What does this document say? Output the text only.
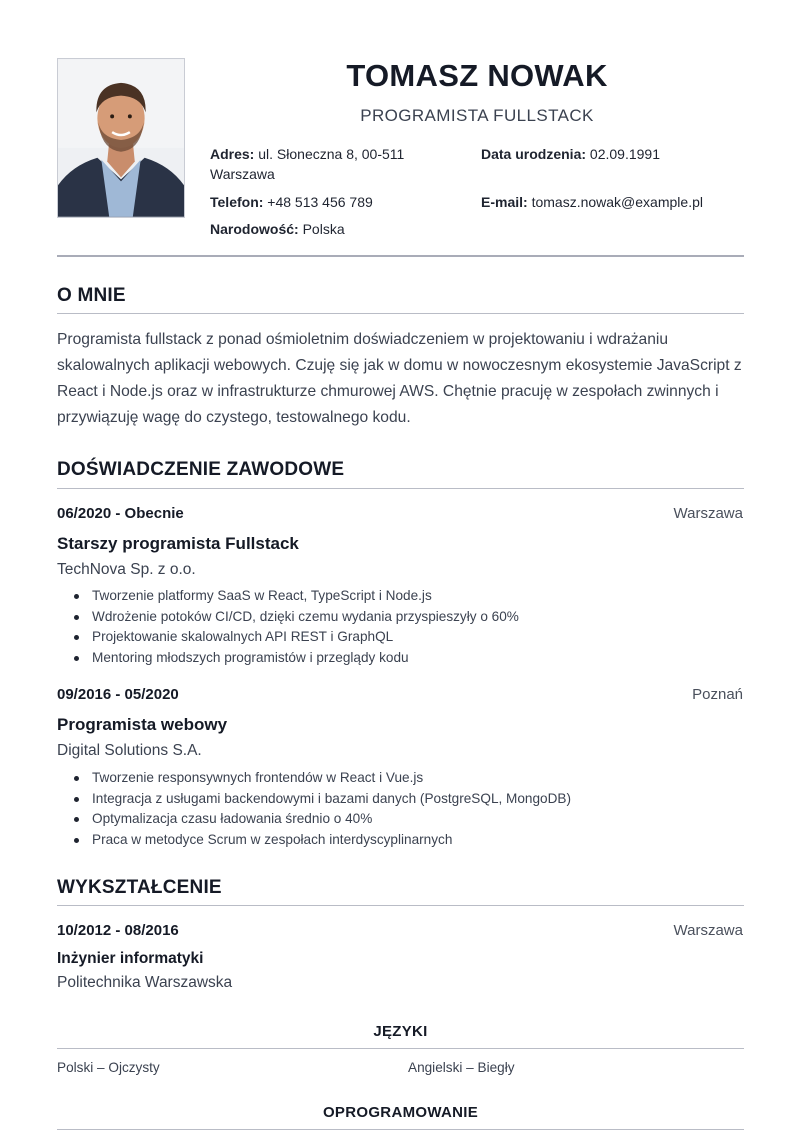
TOMASZ NOWAK
PROGRAMISTA FULLSTACK
Adres: ul. Słoneczna 8, 00-511 Warszawa
Data urodzenia: 02.09.1991
Telefon: +48 513 456 789	E-mail: tomasz.nowak@example.pl
Narodowość: Polska
O MNIE
Programista fullstack z ponad ośmioletnim doświadczeniem w projektowaniu i wdrażaniu skalowalnych aplikacji webowych. Czuję się jak w domu w nowoczesnym ekosystemie JavaScript z React i Node.js oraz w infrastrukturze chmurowej AWS. Chętnie pracuję w zespołach zwinnych i przywiązuję wagę do czystego, testowalnego kodu.
DOŚWIADCZENIE ZAWODOWE
06/2020 - Obecnie	Warszawa
Starszy programista Fullstack
TechNova Sp. z o.o.
Tworzenie platformy SaaS w React, TypeScript i Node.js
Wdrożenie potoków CI/CD, dzięki czemu wydania przyspieszyły o 60%
Projektowanie skalowalnych API REST i GraphQL
Mentoring młodszych programistów i przeglądy kodu
09/2016 - 05/2020	Poznań
Programista webowy
Digital Solutions S.A.
Tworzenie responsywnych frontendów w React i Vue.js
Integracja z usługami backendowymi i bazami danych (PostgreSQL, MongoDB)
Optymalizacja czasu ładowania średnio o 40%
Praca w metodyce Scrum w zespołach interdyscyplinarnych
WYKSZTAŁCENIE
10/2012 - 08/2016	Warszawa
Inżynier informatyki
Politechnika Warszawska
JĘZYKI
Polski – Ojczysty	Angielski – Biegły
OPROGRAMOWANIE
